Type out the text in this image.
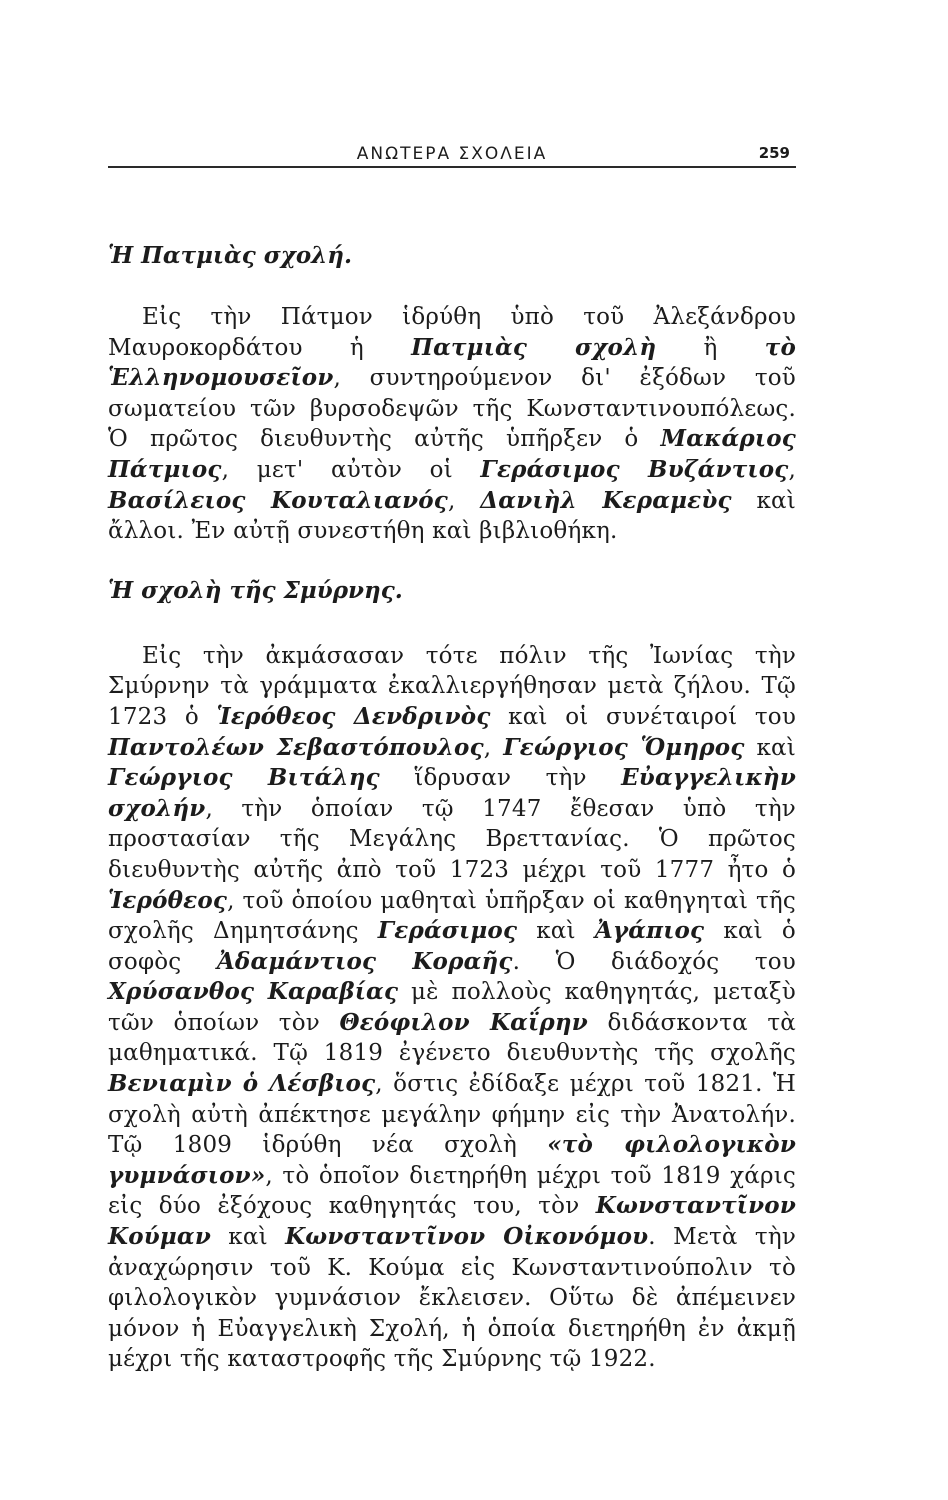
ΑΝΩΤΕΡΑ ΣΧΟΛΕΙΑ	259
Ἡ Πατμιὰς σχολή.

Εἰς τὴν Πάτμον ἱδρύθη ὑπὸ τοῦ Ἀλεξάνδρου Μαυροκορδάτου ἡ Πατμιὰς σχολὴ ἢ τὸ Ἑλληνομουσεῖον, συντηρούμενον δι' ἐξόδων τοῦ σωματείου τῶν βυρσοδεψῶν τῆς Κωνσταντινουπόλεως. Ὁ πρῶτος διευθυντὴς αὐτῆς ὑπῆρξεν ὁ Μακάριος Πάτμιος, μετ' αὐτὸν οἱ Γεράσιμος Βυζάντιος, Βασίλειος Κουταλιανός, Δανιὴλ Κεραμεὺς καὶ ἄλλοι. Ἐν αὐτῇ συνεστήθη καὶ βιβλιοθήκη.

Ἡ σχολὴ τῆς Σμύρνης.

Εἰς τὴν ἀκμάσασαν τότε πόλιν τῆς Ἰωνίας τὴν Σμύρνην τὰ γράμματα ἐκαλλιεργήθησαν μετὰ ζήλου. Τῷ 1723 ὁ Ἱερόθεος Δενδρινὸς καὶ οἱ συνέταιροί του Παντολέων Σεβαστόπουλος, Γεώργιος Ὅμηρος καὶ Γεώργιος Βιτάλης ἵδρυσαν τὴν Εὐαγγελικὴν σχολήν, τὴν ὁποίαν τῷ 1747 ἔθεσαν ὑπὸ τὴν προστασίαν τῆς Μεγάλης Βρεττανίας. Ὁ πρῶτος διευθυντὴς αὐτῆς ἀπὸ τοῦ 1723 μέχρι τοῦ 1777 ἦτο ὁ Ἱερόθεος, τοῦ ὁποίου μαθηταὶ ὑπῆρξαν οἱ καθηγηταὶ τῆς σχολῆς Δημητσάνης Γεράσιμος καὶ Ἀγάπιος καὶ ὁ σοφὸς Ἀδαμάντιος Κοραῆς. Ὁ διάδοχός του Χρύσανθος Καραβίας μὲ πολλοὺς καθηγητάς, μεταξὺ τῶν ὁποίων τὸν Θεόφιλον Καΐρην διδάσκοντα τὰ μαθηματικά. Τῷ 1819 ἐγένετο διευθυντὴς τῆς σχολῆς Βενιαμὶν ὁ Λέσβιος, ὅστις ἐδίδαξε μέχρι τοῦ 1821. Ἡ σχολὴ αὐτὴ ἀπέκτησε μεγάλην φήμην εἰς τὴν Ἀνατολήν. Τῷ 1809 ἱδρύθη νέα σχολὴ «τὸ φιλολογικὸν γυμνάσιον», τὸ ὁποῖον διετηρήθη μέχρι τοῦ 1819 χάρις εἰς δύο ἐξόχους καθηγητάς του, τὸν Κωνσταντῖνον Κούμαν καὶ Κωνσταντῖνον Οἰκονόμου. Μετὰ τὴν ἀναχώρησιν τοῦ Κ. Κούμα εἰς Κωνσταντινούπολιν τὸ φιλολογικὸν γυμνάσιον ἔκλεισεν. Οὕτω δὲ ἀπέμεινεν μόνον ἡ Εὐαγγελικὴ Σχολή, ἡ ὁποία διετηρήθη ἐν ἀκμῇ μέχρι τῆς καταστροφῆς τῆς Σμύρνης τῷ 1922.
